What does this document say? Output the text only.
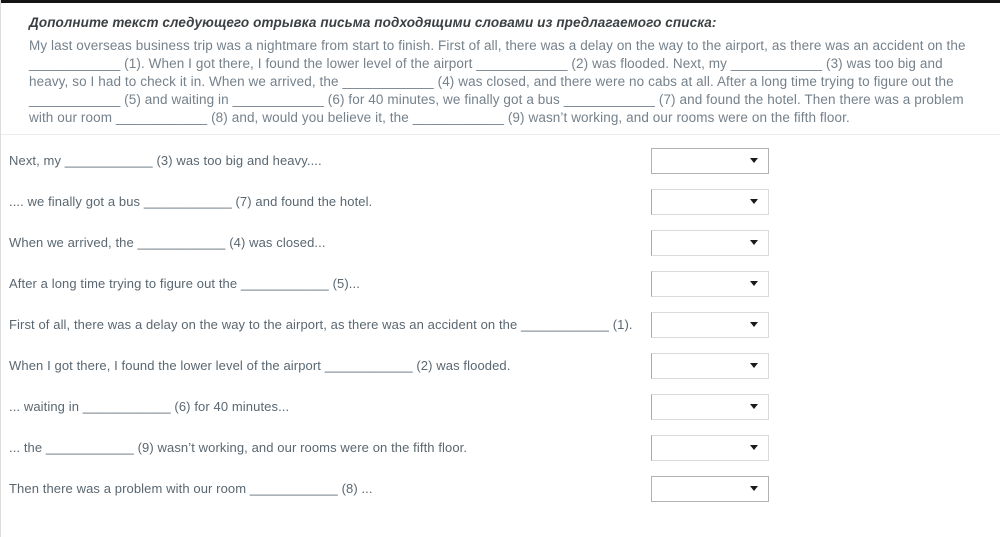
Дополните текст следующего отрывка письма подходящими словами из предлагаемого списка:
My last overseas business trip was a nightmare from start to finish. First of all, there was a delay on the way to the airport, as there was an accident on the ____________ (1). When I got there, I found the lower level of the airport ____________ (2) was flooded. Next, my ____________ (3) was too big and heavy, so I had to check it in. When we arrived, the ____________ (4) was closed, and there were no cabs at all. After a long time trying to figure out the ____________ (5) and waiting in ____________ (6) for 40 minutes, we finally got a bus ____________ (7) and found the hotel. Then there was a problem with our room ____________ (8) and, would you believe it, the ____________ (9) wasn’t working, and our rooms were on the fifth floor.
Next, my ____________ (3) was too big and heavy....
.... we finally got a bus ____________ (7) and found the hotel.
When we arrived, the ____________ (4) was closed...
After a long time trying to figure out the ____________ (5)...
First of all, there was a delay on the way to the airport, as there was an accident on the ____________ (1).
When I got there, I found the lower level of the airport ____________ (2) was flooded.
... waiting in ____________ (6) for 40 minutes...
... the ____________ (9) wasn’t working, and our rooms were on the fifth floor.
Then there was a problem with our room ____________ (8) ...
